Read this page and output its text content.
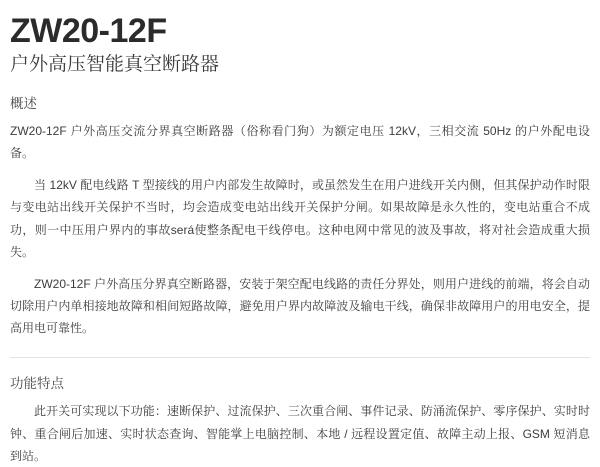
ZW20-12F
户外高压智能真空断路器
概述

ZW20-12F 户外高压交流分界真空断路器（俗称看门狗）为额定电压 12kV，三相交流 50Hz 的户外配电设备。

当 12kV 配电线路 T 型接线的用户内部发生故障时，或虽然发生在用户进线开关内侧，但其保护动作时限与变电站出线开关保护不当时，均会造成变电站出线开关保护分闸。如果故障是永久性的，变电站重合不成功，则一中压用户界内的事故será使整条配电干线停电。这种电网中常见的波及事故，将对社会造成重大损失。

ZW20-12F 户外高压分界真空断路器，安装于架空配电线路的责任分界处，则用户进线的前端，将会自动切除用户内单相接地故障和相间短路故障，避免用户界内故障波及输电干线，确保非故障用户的用电安全，提高用电可靠性。

功能特点

此开关可实现以下功能：速断保护、过流保护、三次重合闸、事件记录、防涌流保护、零序保护、实时时钟、重合闸后加速、实时状态查询、智能掌上电脑控制、本地 / 远程设置定值、故障主动上报、GSM 短消息到站。
